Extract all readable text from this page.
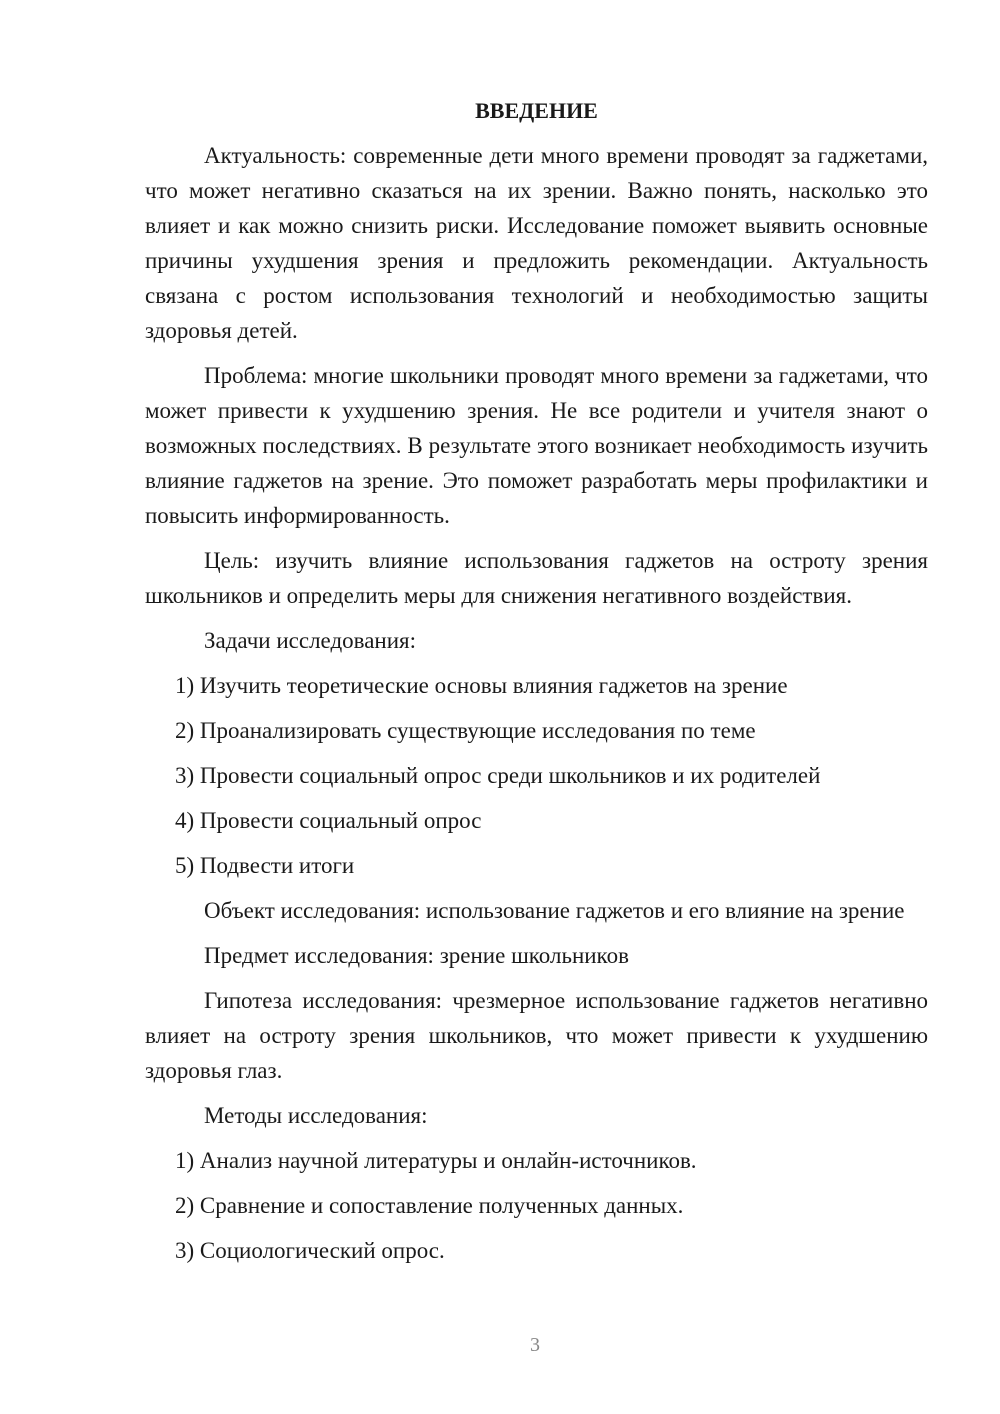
ВВЕДЕНИЕ

Актуальность: современные дети много времени проводят за гаджетами, что может негативно сказаться на их зрении. Важно понять, насколько это влияет и как можно снизить риски. Исследование поможет выявить основные причины ухудшения зрения и предложить рекомендации. Актуальность связана с ростом использования технологий и необходимостью защиты здоровья детей.

Проблема: многие школьники проводят много времени за гаджетами, что может привести к ухудшению зрения. Не все родители и учителя знают о возможных последствиях. В результате этого возникает необходимость изучить влияние гаджетов на зрение. Это поможет разработать меры профилактики и повысить информированность.

Цель: изучить влияние использования гаджетов на остроту зрения школьников и определить меры для снижения негативного воздействия.

Задачи исследования:

1) Изучить теоретические основы влияния гаджетов на зрение

2) Проанализировать существующие исследования по теме

3) Провести социальный опрос среди школьников и их родителей

4) Провести социальный опрос

5) Подвести итоги

Объект исследования: использование гаджетов и его влияние на зрение

Предмет исследования: зрение школьников

Гипотеза исследования: чрезмерное использование гаджетов негативно влияет на остроту зрения школьников, что может привести к ухудшению здоровья глаз.

Методы исследования:

1) Анализ научной литературы и онлайн-источников.

2) Сравнение и сопоставление полученных данных.

3) Социологический опрос.

3
